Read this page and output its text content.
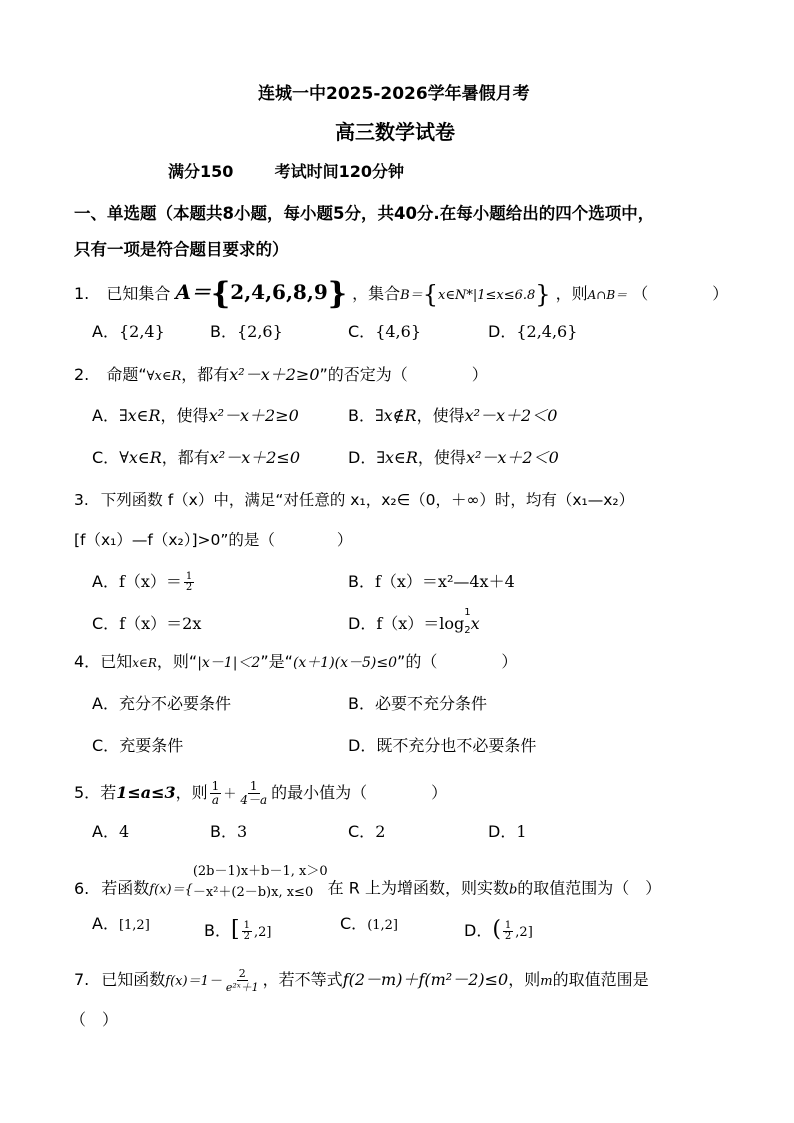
连城一中2025-2026学年暑假月考
高三数学试卷
满分150	考试时间120分钟
一、单选题（本题共8小题，每小题5分，共40分.在每小题给出的四个选项中，
只有一项是符合题目要求的）
1. 已知集合 A＝{2,4,6,8,9} ，集合B＝{x∈N*|1≤x≤6.8} ，则A∩B＝ （　　　　）
A．{2,4}	B．{2,6}	C．{4,6}	D．{2,4,6}
2. 命题“∀x∈R，都有x²－x＋2≥0”的否定为（　　　　）
A．∃x∈R，使得x²－x＋2≥0	B．∃x∉R，使得x²－x＋2＜0
C．∀x∈R，都有x²－x＋2≤0	D．∃x∈R，使得x²－x＋2＜0
3. 下列函数 f（x）中，满足“对任意的 x₁，x₂∈（0，＋∞）时，均有（x₁—x₂）
[f（x₁）—f（x₂）]>0”的是（　　　　）
A．$f(x)= \frac{1}{2}$	B．f（x）＝x²—4x＋4
C．f（x）＝2x	D．$f(x)=\log_{2 1}$
x
4．已知x∈R，则“|x－1|＜2”是“(x＋1)(x－5)≤0”的（　　　　）
A．充分不必要条件	B．必要不充分条件
C．充要条件	D．既不充分也不必要条件
5．若1≤a≤3，则 $\frac{1}{a} + \frac{1}{4-a}$ 的最小值为（　　　　）
A．4	B．3	C．2	D．1
6. 若函数f(x)＝{
(2b－1)x＋b－1, x＞0
－x²＋(2－b)x, x≤0 在 R 上为增函数，则实数b的取值范围为（　）
A．[1,2]	B．[ $\frac{1}{2} ,2$]	C．(1,2]	D．( $\frac{1}{2} ,2$]
7. 已知函数$f(x)=1- \frac{2}{\text{e²ˣ＋1}}$ ，若不等式f(2－m)＋f(m²－2)≤0，则m的取值范围是
（　）
